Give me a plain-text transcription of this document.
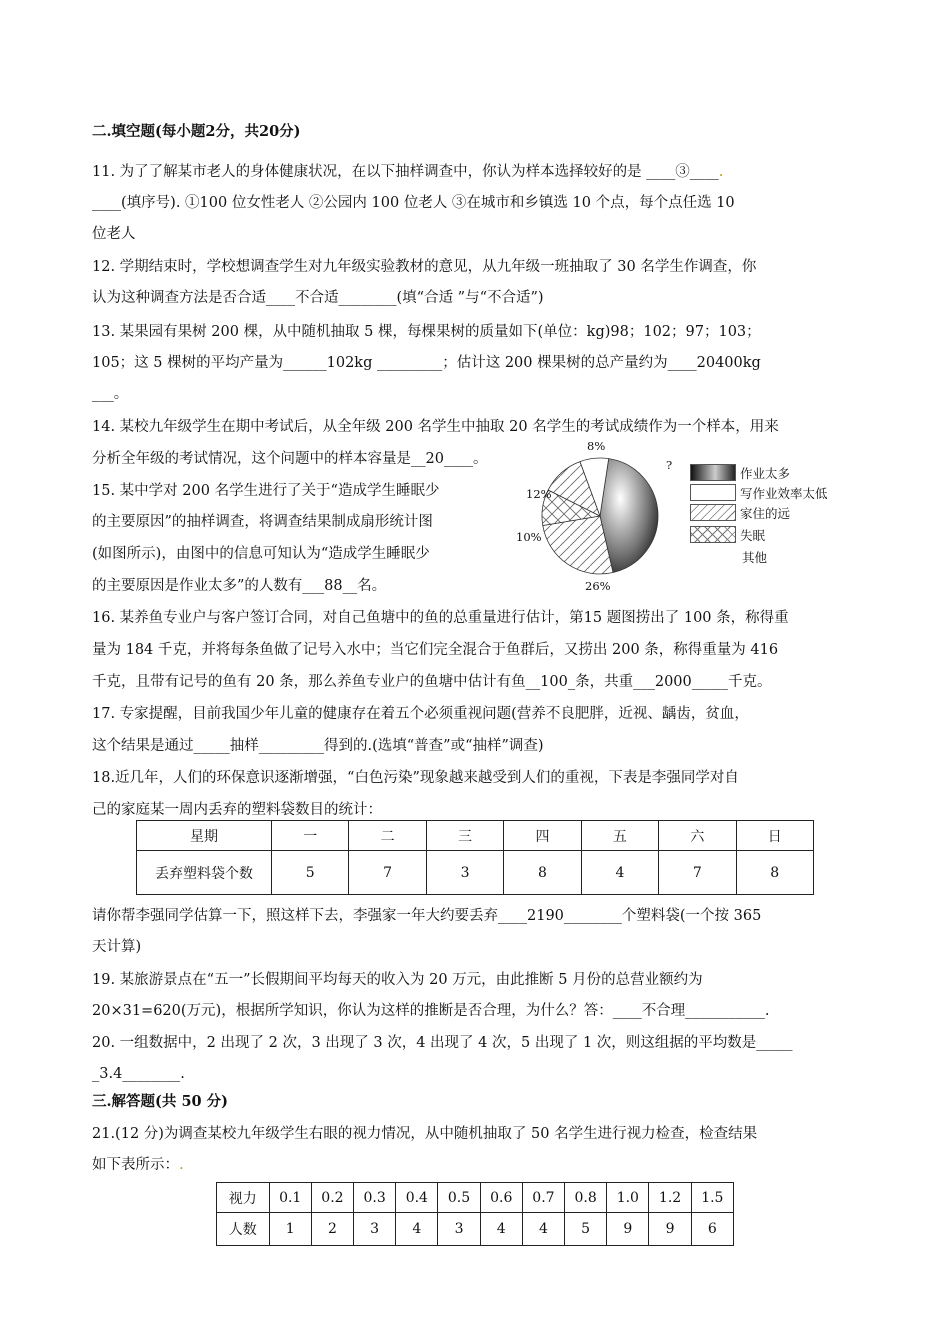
二.填空题(每小题2分，共20分)
11. 为了了解某市老人的身体健康状况，在以下抽样调查中，你认为样本选择较好的是 ____③____.
____(填序号). ①100 位女性老人 ②公园内 100 位老人 ③在城市和乡镇选 10 个点，每个点任选 10
位老人
12. 学期结束时，学校想调查学生对九年级实验教材的意见，从九年级一班抽取了 30 名学生作调查，你
认为这种调查方法是否合适____不合适________(填“合适 ”与“不合适”)
13. 某果园有果树 200 棵，从中随机抽取 5 棵，每棵果树的质量如下(单位：kg)98；102；97；103；
105；这 5 棵树的平均产量为______102kg _________；估计这 200 棵果树的总产量约为____20400kg
___。
14. 某校九年级学生在期中考试后，从全年级 200 名学生中抽取 20 名学生的考试成绩作为一个样本，用来
分析全年级的考试情况，这个问题中的样本容量是__20____。
15. 某中学对 200 名学生进行了关于“造成学生睡眠少
的主要原因”的抽样调查，将调查结果制成扇形统计图
(如图所示)，由图中的信息可知认为“造成学生睡眠少
的主要原因是作业太多”的人数有___88__名。
8%
?
12%
10%
26%
作业太多
写作业效率太低
家住的远
失眠
其他
16. 某养鱼专业户与客户签订合同，对自己鱼塘中的鱼的总重量进行估计，第15 题图捞出了 100 条，称得重
量为 184 千克，并将每条鱼做了记号入水中；当它们完全混合于鱼群后，又捞出 200 条，称得重量为 416
千克，且带有记号的鱼有 20 条，那么养鱼专业户的鱼塘中估计有鱼__100_条，共重___2000_____千克。
17. 专家提醒，目前我国少年儿童的健康存在着五个必须重视问题(营养不良肥胖，近视、龋齿，贫血，
这个结果是通过_____抽样_________得到的.(选填“普查”或“抽样”调查)
18.近几年，人们的环保意识逐渐增强，“白色污染”现象越来越受到人们的重视，下表是李强同学对自
己的家庭某一周内丢弃的塑料袋数目的统计：
星期	一	二	三	四	五	六	日
丢弃塑料袋个数	5	7	3	8	4	7	8
请你帮李强同学估算一下，照这样下去，李强家一年大约要丢弃____2190________个塑料袋(一个按 365
天计算)
19. 某旅游景点在“五一”长假期间平均每天的收入为 20 万元，由此推断 5 月份的总营业额约为
20×31=620(万元)，根据所学知识，你认为这样的推断是否合理，为什么？答：____不合理___________.
20. 一组数据中，2 出现了 2 次，3 出现了 3 次，4 出现了 4 次，5 出现了 1 次，则这组据的平均数是_____
_3.4________.
三.解答题(共 50 分)
21.(12 分)为调查某校九年级学生右眼的视力情况，从中随机抽取了 50 名学生进行视力检查，检查结果
如下表所示：.
视力	0.1	0.2	0.3	0.4	0.5	0.6	0.7	0.8	1.0	1.2	1.5
人数	1	2	3	4	3	4	4	5	9	9	6
